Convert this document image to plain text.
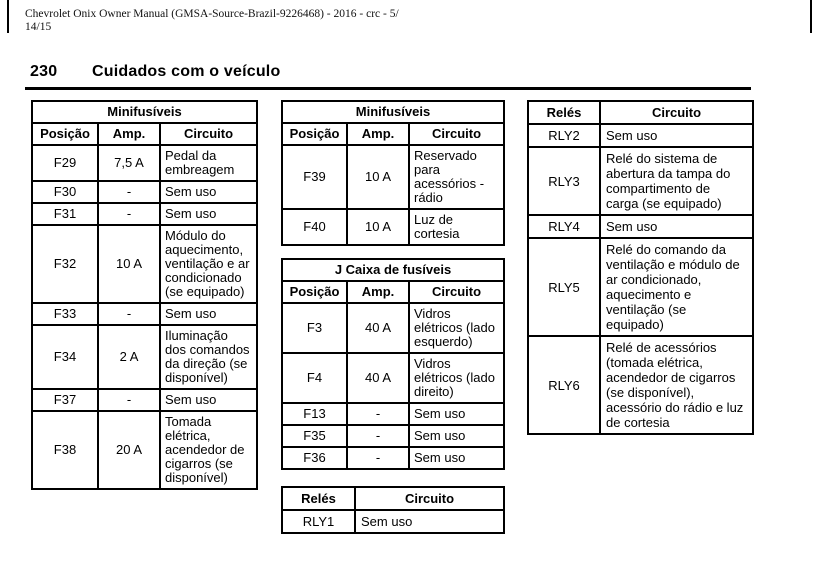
Chevrolet Onix Owner Manual (GMSA-Source-Brazil-9226468) - 2016 - crc - 5/
14/15
230 Cuidados com o veículo
Minifusíveis		
Posição	Amp.	Circuito
F29	7,5 A	Pedal da embreagem
F30	-	Sem uso
F31	-	Sem uso
F32	10 A	Módulo do aquecimento, ventilação e ar condicionado (se equipado)
F33	-	Sem uso
F34	2 A	Iluminação dos comandos da direção (se disponível)
F37	-	Sem uso
F38	20 A	Tomada elétrica, acendedor de cigarros (se disponível)
Minifusíveis		
Posição	Amp.	Circuito
F39	10 A	Reservado para acessórios - rádio
F40	10 A	Luz de cortesia
J Caixa de fusíveis		
Posição	Amp.	Circuito
F3	40 A	Vidros elétricos (lado esquerdo)
F4	40 A	Vidros elétricos (lado direito)
F13	-	Sem uso
F35	-	Sem uso
F36	-	Sem uso
Relés	Circuito
RLY1	Sem uso
Relés	Circuito
RLY2	Sem uso
RLY3	Relé do sistema de abertura da tampa do compartimento de carga (se equipado)
RLY4	Sem uso
RLY5	Relé do comando da ventilação e módulo de ar condicionado, aquecimento e ventilação (se equipado)
RLY6	Relé de acessórios (tomada elétrica, acendedor de cigarros (se disponível), acessório do rádio e luz de cortesia
